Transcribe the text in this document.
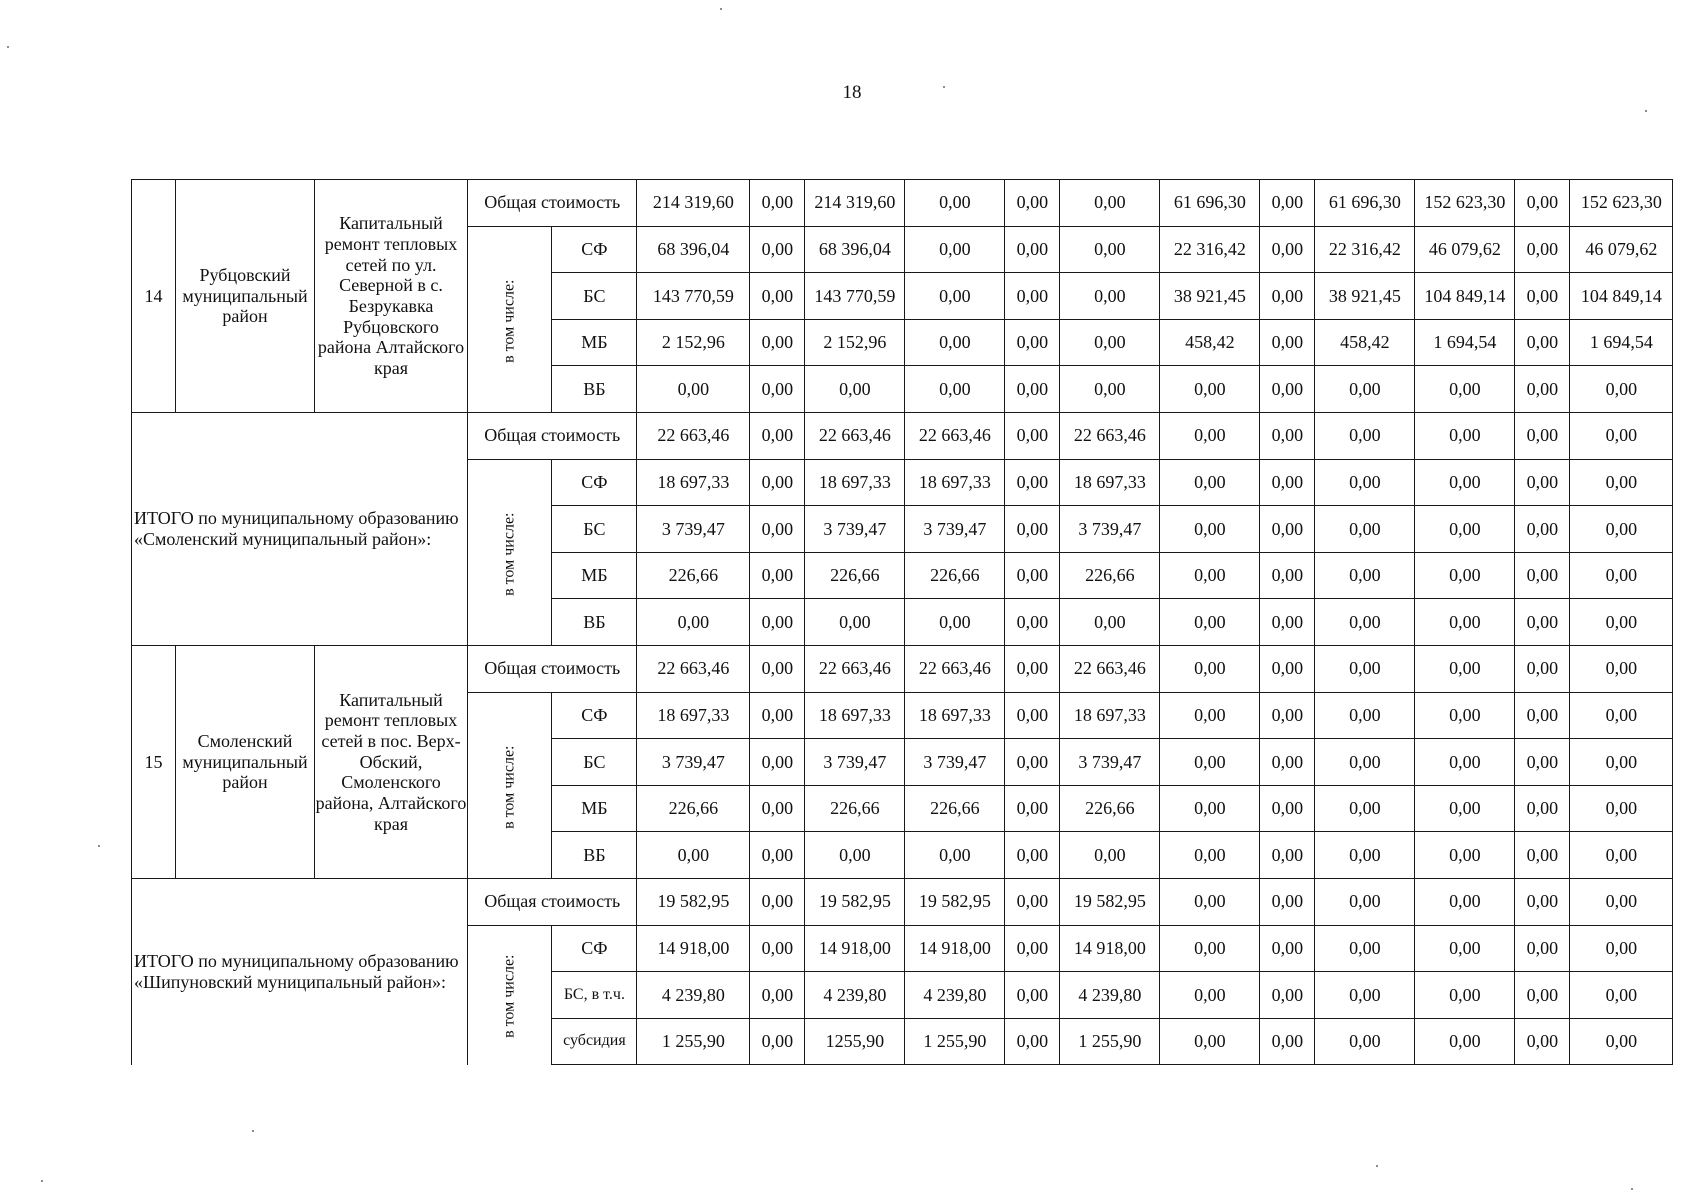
18
14	Рубцовский муниципальный район	Капитальный ремонт тепловых сетей по ул. Северной в с. Безрукавка Рубцовского района Алтайского края	Общая стоимость		214 319,60	0,00	214 319,60	0,00	0,00	0,00	61 696,30	0,00	61 696,30	152 623,30	0,00	152 623,30
			в том числе:	СФ	68 396,04	0,00	68 396,04	0,00	0,00	0,00	22 316,42	0,00	22 316,42	46 079,62	0,00	46 079,62
				БС	143 770,59	0,00	143 770,59	0,00	0,00	0,00	38 921,45	0,00	38 921,45	104 849,14	0,00	104 849,14
				МБ	2 152,96	0,00	2 152,96	0,00	0,00	0,00	458,42	0,00	458,42	1 694,54	0,00	1 694,54
				ВБ	0,00	0,00	0,00	0,00	0,00	0,00	0,00	0,00	0,00	0,00	0,00	0,00
ИТОГО по муниципальному образованию «Смоленский муниципальный район»:			Общая стоимость		22 663,46	0,00	22 663,46	22 663,46	0,00	22 663,46	0,00	0,00	0,00	0,00	0,00	0,00
			в том числе:	СФ	18 697,33	0,00	18 697,33	18 697,33	0,00	18 697,33	0,00	0,00	0,00	0,00	0,00	0,00
				БС	3 739,47	0,00	3 739,47	3 739,47	0,00	3 739,47	0,00	0,00	0,00	0,00	0,00	0,00
				МБ	226,66	0,00	226,66	226,66	0,00	226,66	0,00	0,00	0,00	0,00	0,00	0,00
				ВБ	0,00	0,00	0,00	0,00	0,00	0,00	0,00	0,00	0,00	0,00	0,00	0,00
15	Смоленский муниципальный район	Капитальный ремонт тепловых сетей в пос. Верх-Обский, Смоленского района, Алтайского края	Общая стоимость		22 663,46	0,00	22 663,46	22 663,46	0,00	22 663,46	0,00	0,00	0,00	0,00	0,00	0,00
			в том числе:	СФ	18 697,33	0,00	18 697,33	18 697,33	0,00	18 697,33	0,00	0,00	0,00	0,00	0,00	0,00
				БС	3 739,47	0,00	3 739,47	3 739,47	0,00	3 739,47	0,00	0,00	0,00	0,00	0,00	0,00
				МБ	226,66	0,00	226,66	226,66	0,00	226,66	0,00	0,00	0,00	0,00	0,00	0,00
				ВБ	0,00	0,00	0,00	0,00	0,00	0,00	0,00	0,00	0,00	0,00	0,00	0,00
ИТОГО по муниципальному образованию «Шипуновский муниципальный район»:			Общая стоимость		19 582,95	0,00	19 582,95	19 582,95	0,00	19 582,95	0,00	0,00	0,00	0,00	0,00	0,00
			в том числе:	СФ	14 918,00	0,00	14 918,00	14 918,00	0,00	14 918,00	0,00	0,00	0,00	0,00	0,00	0,00
				БС, в т.ч.	4 239,80	0,00	4 239,80	4 239,80	0,00	4 239,80	0,00	0,00	0,00	0,00	0,00	0,00
				субсидия	1 255,90	0,00	1255,90	1 255,90	0,00	1 255,90	0,00	0,00	0,00	0,00	0,00	0,00
